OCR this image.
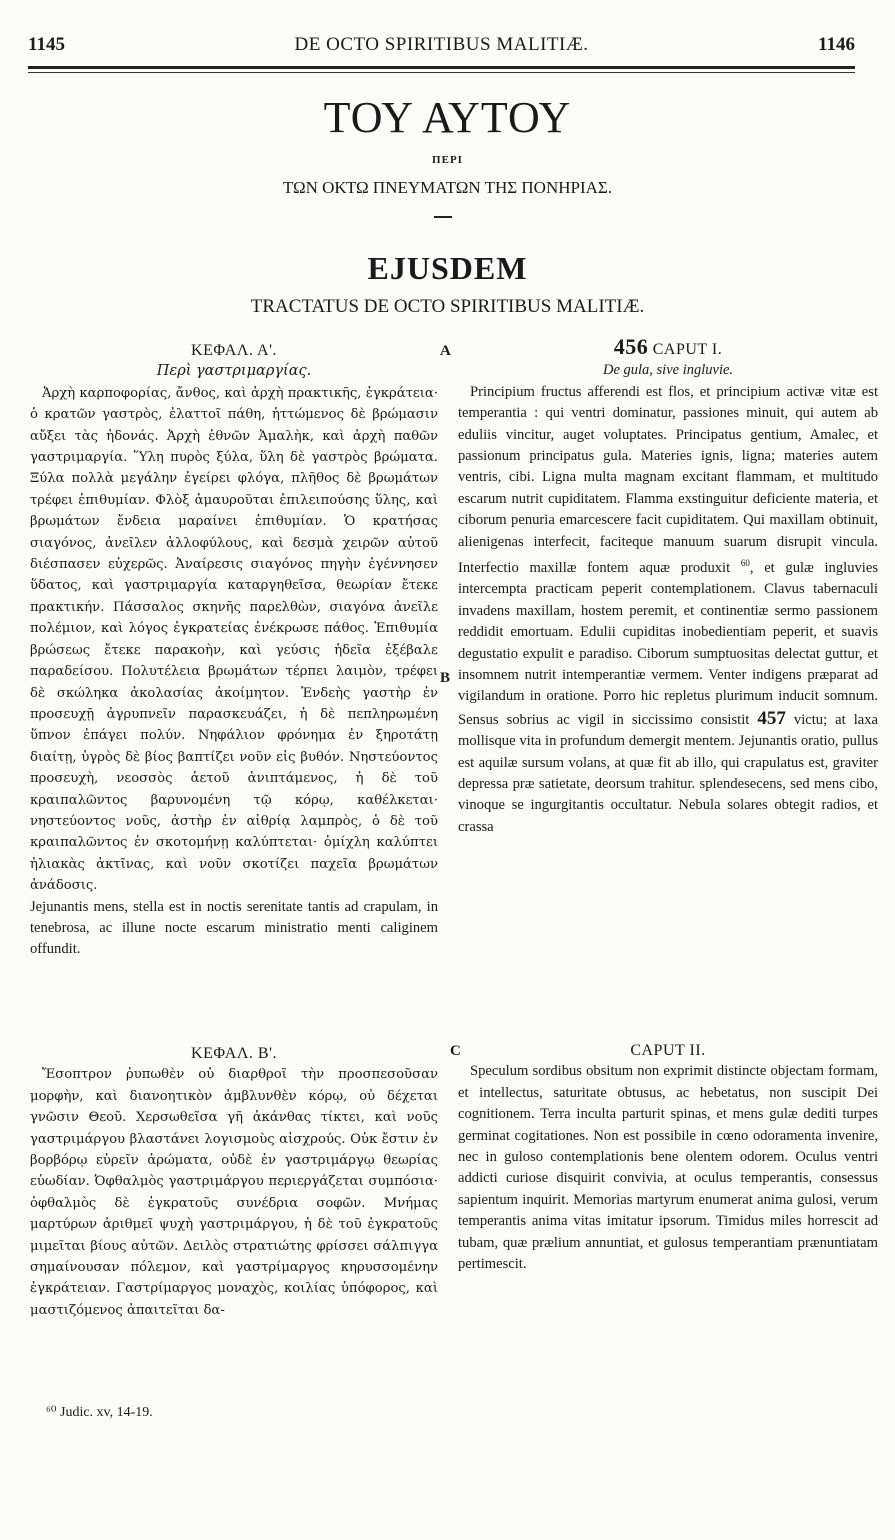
1145	DE OCTO SPIRITIBUS MALITIÆ.	1146
ΤΟΥ ΑΥΤΟΥ
ΠΕΡΙ
ΤΩΝ ΟΚΤΩ ΠΝΕΥΜΑΤΩΝ ΤΗΣ ΠΟΝΗΡΙΑΣ.
EJUSDEM
TRACTATUS DE OCTO SPIRITIBUS MALITIÆ.
A
B
C
ΚΕΦΑΛ. Α'.
Περὶ γαστριμαργίας.

Ἀρχὴ καρποφορίας, ἄνθος, καὶ ἀρχὴ πρακτικῆς, ἐγκράτεια· ὁ κρατῶν γαστρὸς, ἐλαττοῖ πάθη, ἡττώμενος δὲ βρώμασιν αὔξει τὰς ἡδονάς. Ἀρχὴ ἐθνῶν Ἀμαλὴκ, καὶ ἀρχὴ παθῶν γαστριμαργία. Ὕλη πυρὸς ξύλα, ὕλη δὲ γαστρὸς βρώματα. Ξύλα πολλὰ μεγάλην ἐγείρει φλόγα, πλῆθος δὲ βρωμάτων τρέφει ἐπιθυμίαν. Φλὸξ ἀμαυροῦται ἐπιλειπούσης ὕλης, καὶ βρωμάτων ἔνδεια μαραίνει ἐπιθυμίαν. Ὁ κρατήσας σιαγόνος, ἀνεῖλεν ἀλλοφύλους, καὶ δεσμὰ χειρῶν αὐτοῦ διέσπασεν εὐχερῶς. Ἀναίρεσις σιαγόνος πηγὴν ἐγέννησεν ὕδατος, καὶ γαστριμαργία καταργηθεῖσα, θεωρίαν ἔτεκε πρακτικήν. Πάσσαλος σκηνῆς παρελθὼν, σιαγόνα ἀνεῖλε πολέμιον, καὶ λόγος ἐγκρατείας ἐνέκρωσε πάθος. Ἐπιθυμία βρώσεως ἔτεκε παρακοὴν, καὶ γεύσις ἡδεῖα ἐξέβαλε παραδείσου. Πολυτέλεια βρωμάτων τέρπει λαιμὸν, τρέφει δὲ σκώληκα ἀκολασίας ἀκοίμητον. Ἐνδεὴς γαστὴρ ἐν προσευχῇ ἀγρυπνεῖν παρασκευάζει, ἡ δὲ πεπληρωμένη ὕπνον ἐπάγει πολύν. Νηφάλιον φρόνημα ἐν ξηροτάτῃ διαίτῃ, ὑγρὸς δὲ βίος βαπτίζει νοῦν εἰς βυθόν. Νηστεύοντος προσευχὴ, νεοσσὸς ἀετοῦ ἀνιπτάμενος, ἡ δὲ τοῦ κραιπαλῶντος βαρυνομένη τῷ κόρῳ, καθέλκεται· νηστεύοντος νοῦς, ἀστὴρ ἐν αἰθρίᾳ λαμπρὸς, ὁ δὲ τοῦ κραιπαλῶντος ἐν σκοτομήνῃ καλύπτεται· ὁμίχλη καλύπτει ἡλιακὰς ἀκτῖνας, καὶ νοῦν σκοτίζει παχεῖα βρωμάτων ἀνάδοσις.

Jejunantis mens, stella est in noctis serenitate tantis ad crapulam, in tenebrosa, ac illune nocte escarum ministratio menti caliginem offundit.

ΚΕΦΑΛ. Β'.

Ἔσοπτρον ῥυπωθὲν οὐ διαρθροῖ τὴν προσπεσοῦσαν μορφὴν, καὶ διανοητικὸν ἀμβλυνθὲν κόρῳ, οὐ δέχεται γνῶσιν Θεοῦ. Χερσωθεῖσα γῆ ἀκάνθας τίκτει, καὶ νοῦς γαστριμάργου βλαστάνει λογισμοὺς αἰσχρούς. Οὐκ ἔστιν ἐν βορβόρῳ εὑρεῖν ἀρώματα, οὐδὲ ἐν γαστριμάργῳ θεωρίας εὐωδίαν. Ὀφθαλμὸς γαστριμάργου περιεργάζεται συμπόσια· ὀφθαλμὸς δὲ ἐγκρατοῦς συνέδρια σοφῶν. Μνήμας μαρτύρων ἀριθμεῖ ψυχὴ γαστριμάργου, ἡ δὲ τοῦ ἐγκρατοῦς μιμεῖται βίους αὐτῶν. Δειλὸς στρατιώτης φρίσσει σάλπιγγα σημαίνουσαν πόλεμον, καὶ γαστρίμαργος κηρυσσομένην ἐγκράτειαν. Γαστρίμαργος μοναχὸς, κοιλίας ὑπόφορος, καὶ μαστιζόμενος ἀπαιτεῖται δα-

⁶⁰ Judic. xv, 14-19.
456 CAPUT I.
De gula, sive ingluvie.

Principium fructus afferendi est flos, et principium activæ vitæ est temperantia : qui ventri dominatur, passiones minuit, qui autem ab eduliis vincitur, auget voluptates. Principatus gentium, Amalec, et passionum principatus gula. Materies ignis, ligna; materies autem ventris, cibi. Ligna multa magnam excitant flammam, et multitudo escarum nutrit cupiditatem. Flamma exstinguitur deficiente materia, et ciborum penuria emarcescere facit cupiditatem. Qui maxillam obtinuit, alienigenas interfecit, faciteque manuum suarum disrupit vincula. Interfectio maxillæ fontem aquæ produxit $^{60}$, et gulæ ingluvies intercempta practicam peperit contemplationem. Clavus tabernaculi invadens maxillam, hostem peremit, et continentiæ sermo passionem reddidit emortuam. Edulii cupiditas inobedientiam peperit, et suavis degustatio expulit e paradiso. Ciborum sumptuositas delectat guttur, et insomnem nutrit intemperantiæ vermem. Venter indigens præparat ad vigilandum in oratione. Porro hic repletus plurimum inducit somnum. Sensus sobrius ac vigil in siccissimo consistit 457 victu; at laxa mollisque vita in profundum demergit mentem. Jejunantis oratio, pullus est aquilæ sursum volans, at quæ fit ab illo, qui crapulatus est, graviter depressa præ satietate, deorsum trahitur. splendesecens, sed mens cibo, vinoque se ingurgitantis occultatur. Nebula solares obtegit radios, et crassa

CAPUT II.

Speculum sordibus obsitum non exprimit distincte objectam formam, et intellectus, saturitate obtusus, ac hebetatus, non suscipit Dei cognitionem. Terra inculta parturit spinas, et mens gulæ dediti turpes germinat cogitationes. Non est possibile in cœno odoramenta invenire, nec in guloso contemplationis bene olentem odorem. Oculus ventri addicti curiose disquirit convivia, at oculus temperantis, consessus sapientum inquirit. Memorias martyrum enumerat anima gulosi, verum temperantis anima vitas imitatur ipsorum. Timidus miles horrescit ad tubam, quæ prælium annuntiat, et gulosus temperantiam prænuntiatam pertimescit.
